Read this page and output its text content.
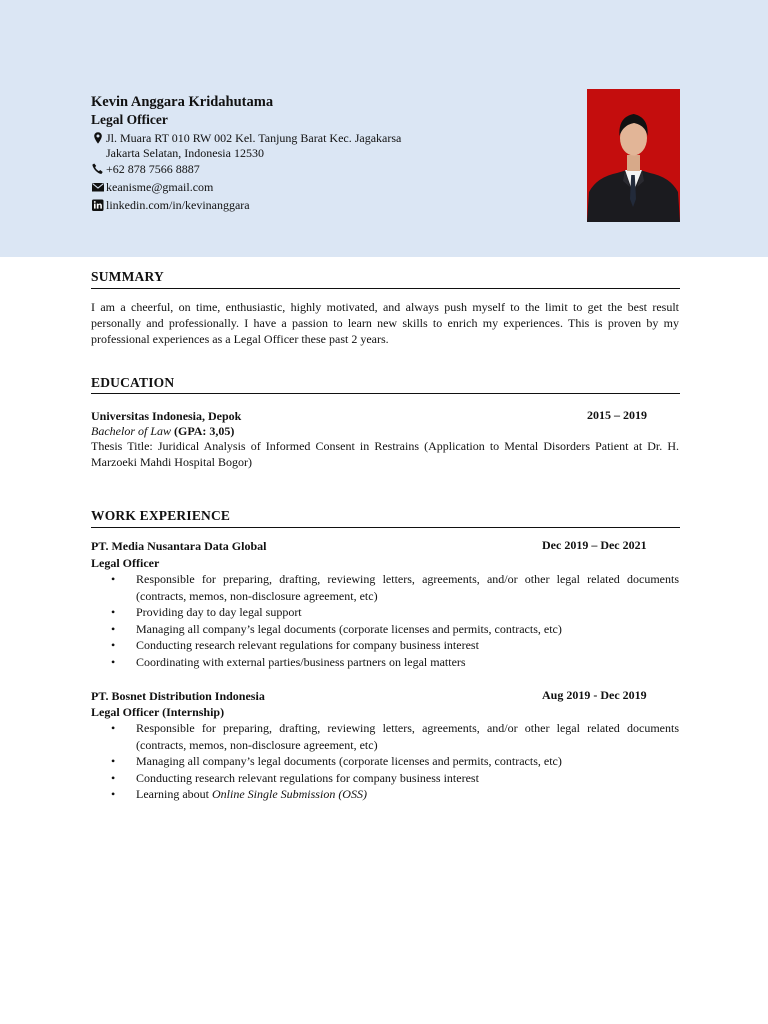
Kevin Anggara Kridahutama
Legal Officer
Jl. Muara RT 010 RW 002 Kel. Tanjung Barat Kec. Jagakarsa
Jakarta Selatan, Indonesia 12530
+62 878 7566 8887
keanisme@gmail.com
linkedin.com/in/kevinanggara
SUMMARY
I am a cheerful, on time, enthusiastic, highly motivated, and always push myself to the limit to get the best result personally and professionally. I have a passion to learn new skills to enrich my experiences. This is proven by my professional experiences as a Legal Officer these past 2 years.
EDUCATION
Universitas Indonesia, Depok	2015 – 2019
Bachelor of Law (GPA: 3,05)
Thesis Title: Juridical Analysis of Informed Consent in Restrains (Application to Mental Disorders Patient at Dr. H. Marzoeki Mahdi Hospital Bogor)
WORK EXPERIENCE
PT. Media Nusantara Data Global	Dec 2019 – Dec 2021
Legal Officer
• Responsible for preparing, drafting, reviewing letters, agreements, and/or other legal related documents (contracts, memos, non-disclosure agreement, etc)
• Providing day to day legal support
• Managing all company’s legal documents (corporate licenses and permits, contracts, etc)
• Conducting research relevant regulations for company business interest
• Coordinating with external parties/business partners on legal matters
PT. Bosnet Distribution Indonesia	Aug 2019 - Dec 2019
Legal Officer (Internship)
• Responsible for preparing, drafting, reviewing letters, agreements, and/or other legal related documents (contracts, memos, non-disclosure agreement, etc)
• Managing all company’s legal documents (corporate licenses and permits, contracts, etc)
• Conducting research relevant regulations for company business interest
• Learning about Online Single Submission (OSS)
